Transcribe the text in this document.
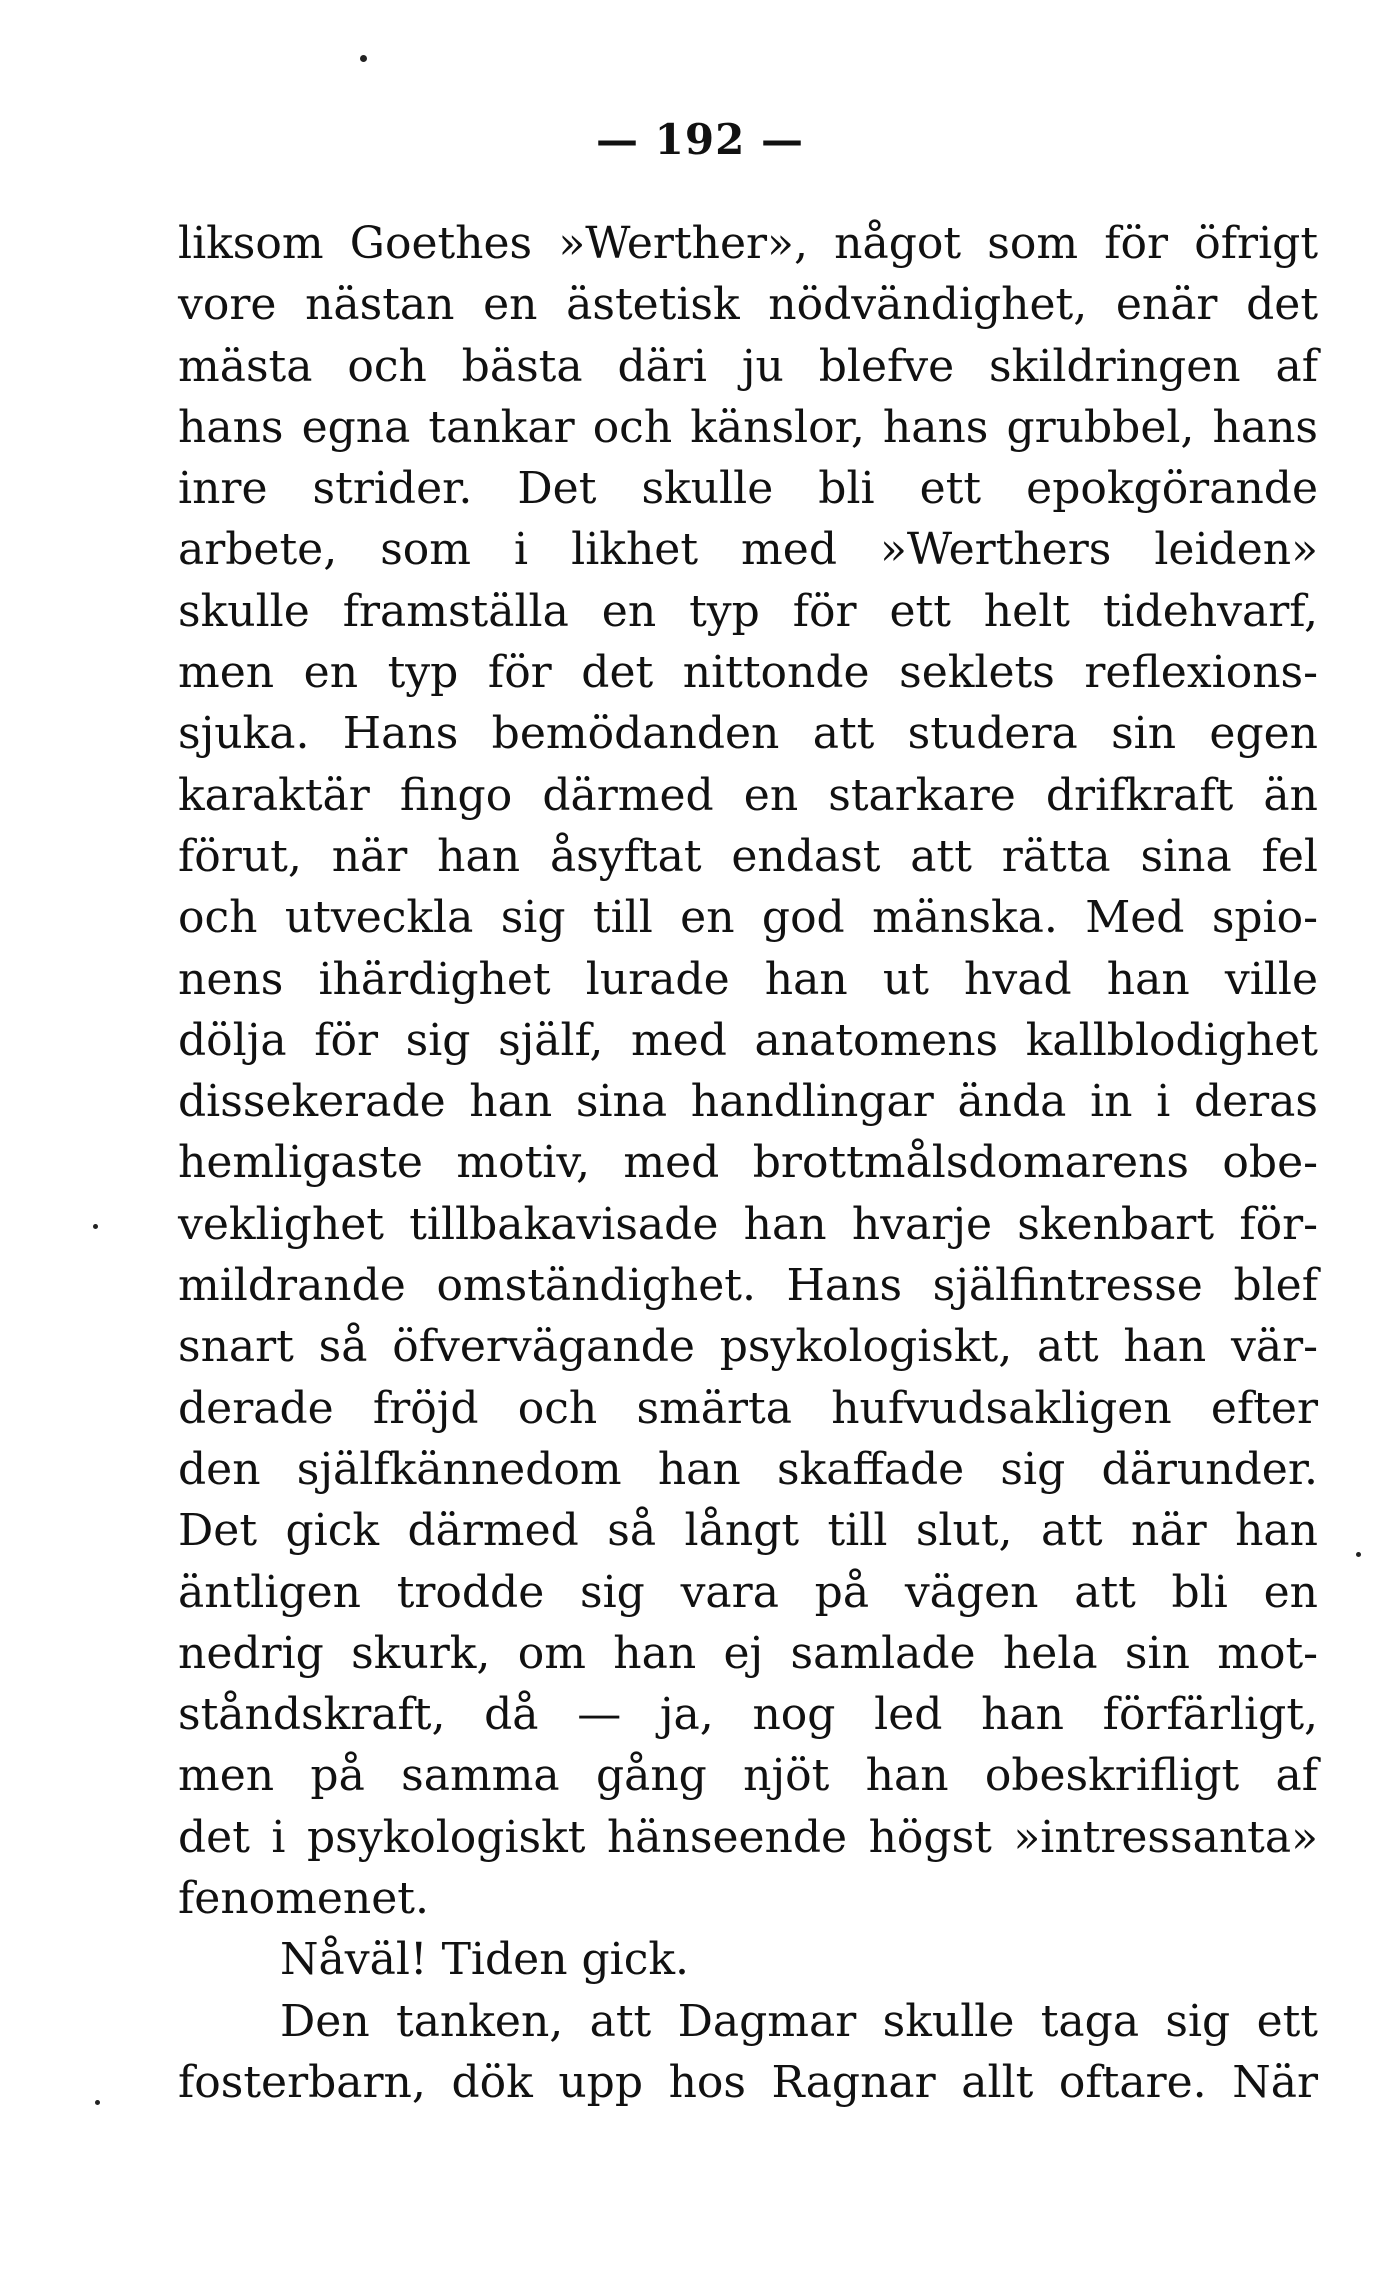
— 192 —
liksom Goethes »Werther», något som för öfrigt
vore nästan en ästetisk nödvändighet, enär det
mästa och bästa däri ju blefve skildringen af
hans egna tankar och känslor, hans grubbel, hans
inre strider. Det skulle bli ett epokgörande
arbete, som i likhet med »Werthers leiden»
skulle framställa en typ för ett helt tidehvarf,
men en typ för det nittonde seklets reflexions-
sjuka. Hans bemödanden att studera sin egen
karaktär fingo därmed en starkare drifkraft än
förut, när han åsyftat endast att rätta sina fel
och utveckla sig till en god mänska. Med spio-
nens ihärdighet lurade han ut hvad han ville
dölja för sig själf, med anatomens kallblodighet
dissekerade han sina handlingar ända in i deras
hemligaste motiv, med brottmålsdomarens obe-
veklighet tillbakavisade han hvarje skenbart för-
mildrande omständighet. Hans själfintresse blef
snart så öfvervägande psykologiskt, att han vär-
derade fröjd och smärta hufvudsakligen efter
den själfkännedom han skaffade sig därunder.
Det gick därmed så långt till slut, att när han
äntligen trodde sig vara på vägen att bli en
nedrig skurk, om han ej samlade hela sin mot-
ståndskraft, då — ja, nog led han förfärligt,
men på samma gång njöt han obeskrifligt af
det i psykologiskt hänseende högst »intressanta»
fenomenet.
Nåväl! Tiden gick.
Den tanken, att Dagmar skulle taga sig ett
fosterbarn, dök upp hos Ragnar allt oftare. När
